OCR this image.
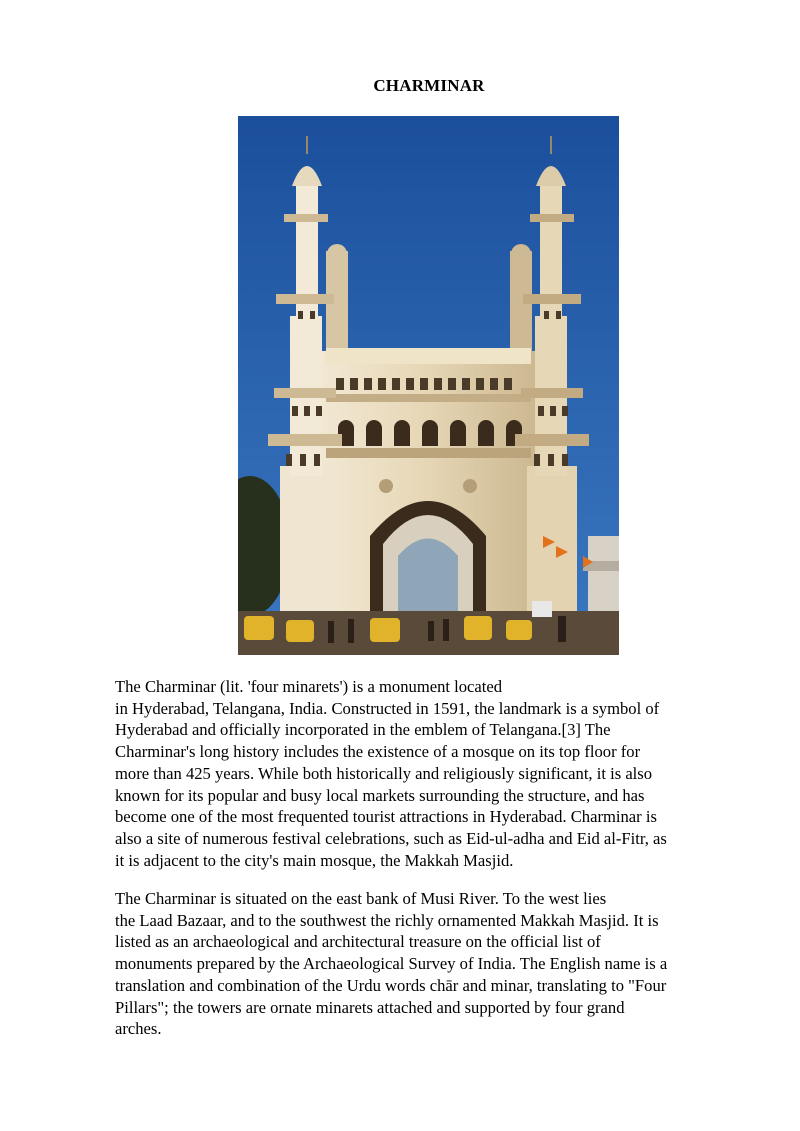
CHARMINAR
The Charminar (lit. 'four minarets') is a monument located
in Hyderabad, Telangana, India. Constructed in 1591, the landmark is a symbol of
Hyderabad and officially incorporated in the emblem of Telangana.[3] The
Charminar's long history includes the existence of a mosque on its top floor for
more than 425 years. While both historically and religiously significant, it is also
known for its popular and busy local markets surrounding the structure, and has
become one of the most frequented tourist attractions in Hyderabad. Charminar is
also a site of numerous festival celebrations, such as Eid-ul-adha and Eid al-Fitr, as
it is adjacent to the city's main mosque, the Makkah Masjid.
The Charminar is situated on the east bank of Musi River. To the west lies
the Laad Bazaar, and to the southwest the richly ornamented Makkah Masjid. It is
listed as an archaeological and architectural treasure on the official list of
monuments prepared by the Archaeological Survey of India. The English name is a
translation and combination of the Urdu words chār and minar, translating to "Four
Pillars"; the towers are ornate minarets attached and supported by four grand
arches.
